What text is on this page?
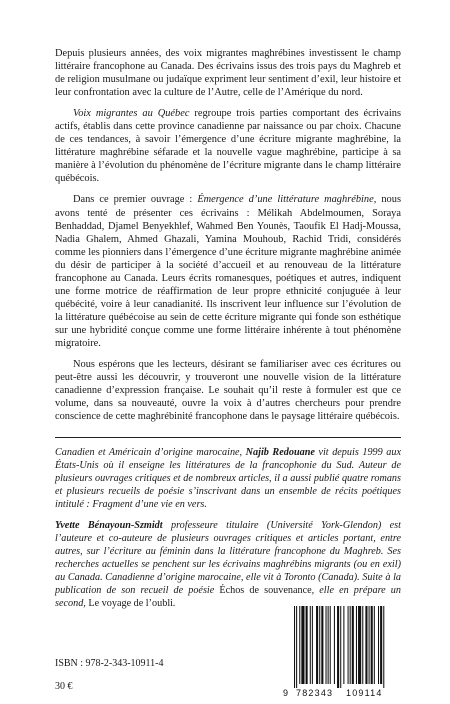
Depuis plusieurs années, des voix migrantes maghrébines investissent le champ littéraire francophone au Canada. Des écrivains issus des trois pays du Maghreb et de religion musulmane ou judaïque expriment leur sentiment d’exil, leur histoire et leur confrontation avec la culture de l’Autre, celle de l’Amérique du nord.

Voix migrantes au Québec regroupe trois parties comportant des écrivains actifs, établis dans cette province canadienne par naissance ou par choix. Chacune de ces tendances, à savoir l’émergence d’une écriture migrante maghrébine, la littérature maghrébine séfarade et la nouvelle vague maghrébine, participe à sa manière à l’évolution du phénomène de l’écriture migrante dans le champ littéraire québécois.

Dans ce premier ouvrage : Émergence d’une littérature maghrébine, nous avons tenté de présenter ces écrivains : Mélikah Abdelmoumen, Soraya Benhaddad, Djamel Benyekhlef, Wahmed Ben Younès, Taoufik El Hadj-Moussa, Nadia Ghalem, Ahmed Ghazali, Yamina Mouhoub, Rachid Tridi, considérés comme les pionniers dans l’émergence d’une écriture migrante maghrébine animée du désir de participer à la société d’accueil et au renouveau de la littérature francophone au Canada. Leurs écrits romanesques, poétiques et autres, indiquent une forme motrice de réaffirmation de leur propre ethnicité conjuguée à leur québécité, voire à leur canadianité. Ils inscrivent leur influence sur l’évolution de la littérature québécoise au sein de cette écriture migrante qui fonde son esthétique sur une hybridité conçue comme une forme littéraire inhérente à tout phénomène migratoire.

Nous espérons que les lecteurs, désirant se familiariser avec ces écritures ou peut-être aussi les découvrir, y trouveront une nouvelle vision de la littérature canadienne d’expression française. Le souhait qu’il reste à formuler est que ce volume, dans sa nouveauté, ouvre la voix à d’autres chercheurs pour prendre conscience de cette maghrébinité francophone dans le paysage littéraire québécois.

Canadien et Américain d’origine marocaine, Najib Redouane vit depuis 1999 aux États-Unis où il enseigne les littératures de la francophonie du Sud. Auteur de plusieurs ouvrages critiques et de nombreux articles, il a aussi publié quatre romans et plusieurs recueils de poésie s’inscrivant dans un ensemble de récits poétiques intitulé : Fragment d’une vie en vers.

Yvette Bénayoun-Szmidt professeure titulaire (Université York-Glendon) est l’auteure et co-auteure de plusieurs ouvrages critiques et articles portant, entre autres, sur l’écriture au féminin dans la littérature francophone du Maghreb. Ses recherches actuelles se penchent sur les écrivains maghrébins migrants (ou en exil) au Canada. Canadienne d’origine marocaine, elle vit à Toronto (Canada). Suite à la publication de son recueil de poésie Échos de souvenance, elle en prépare un second, Le voyage de l’oubli.

ISBN : 978-2-343-10911-4
30 €
9 782343 109114
